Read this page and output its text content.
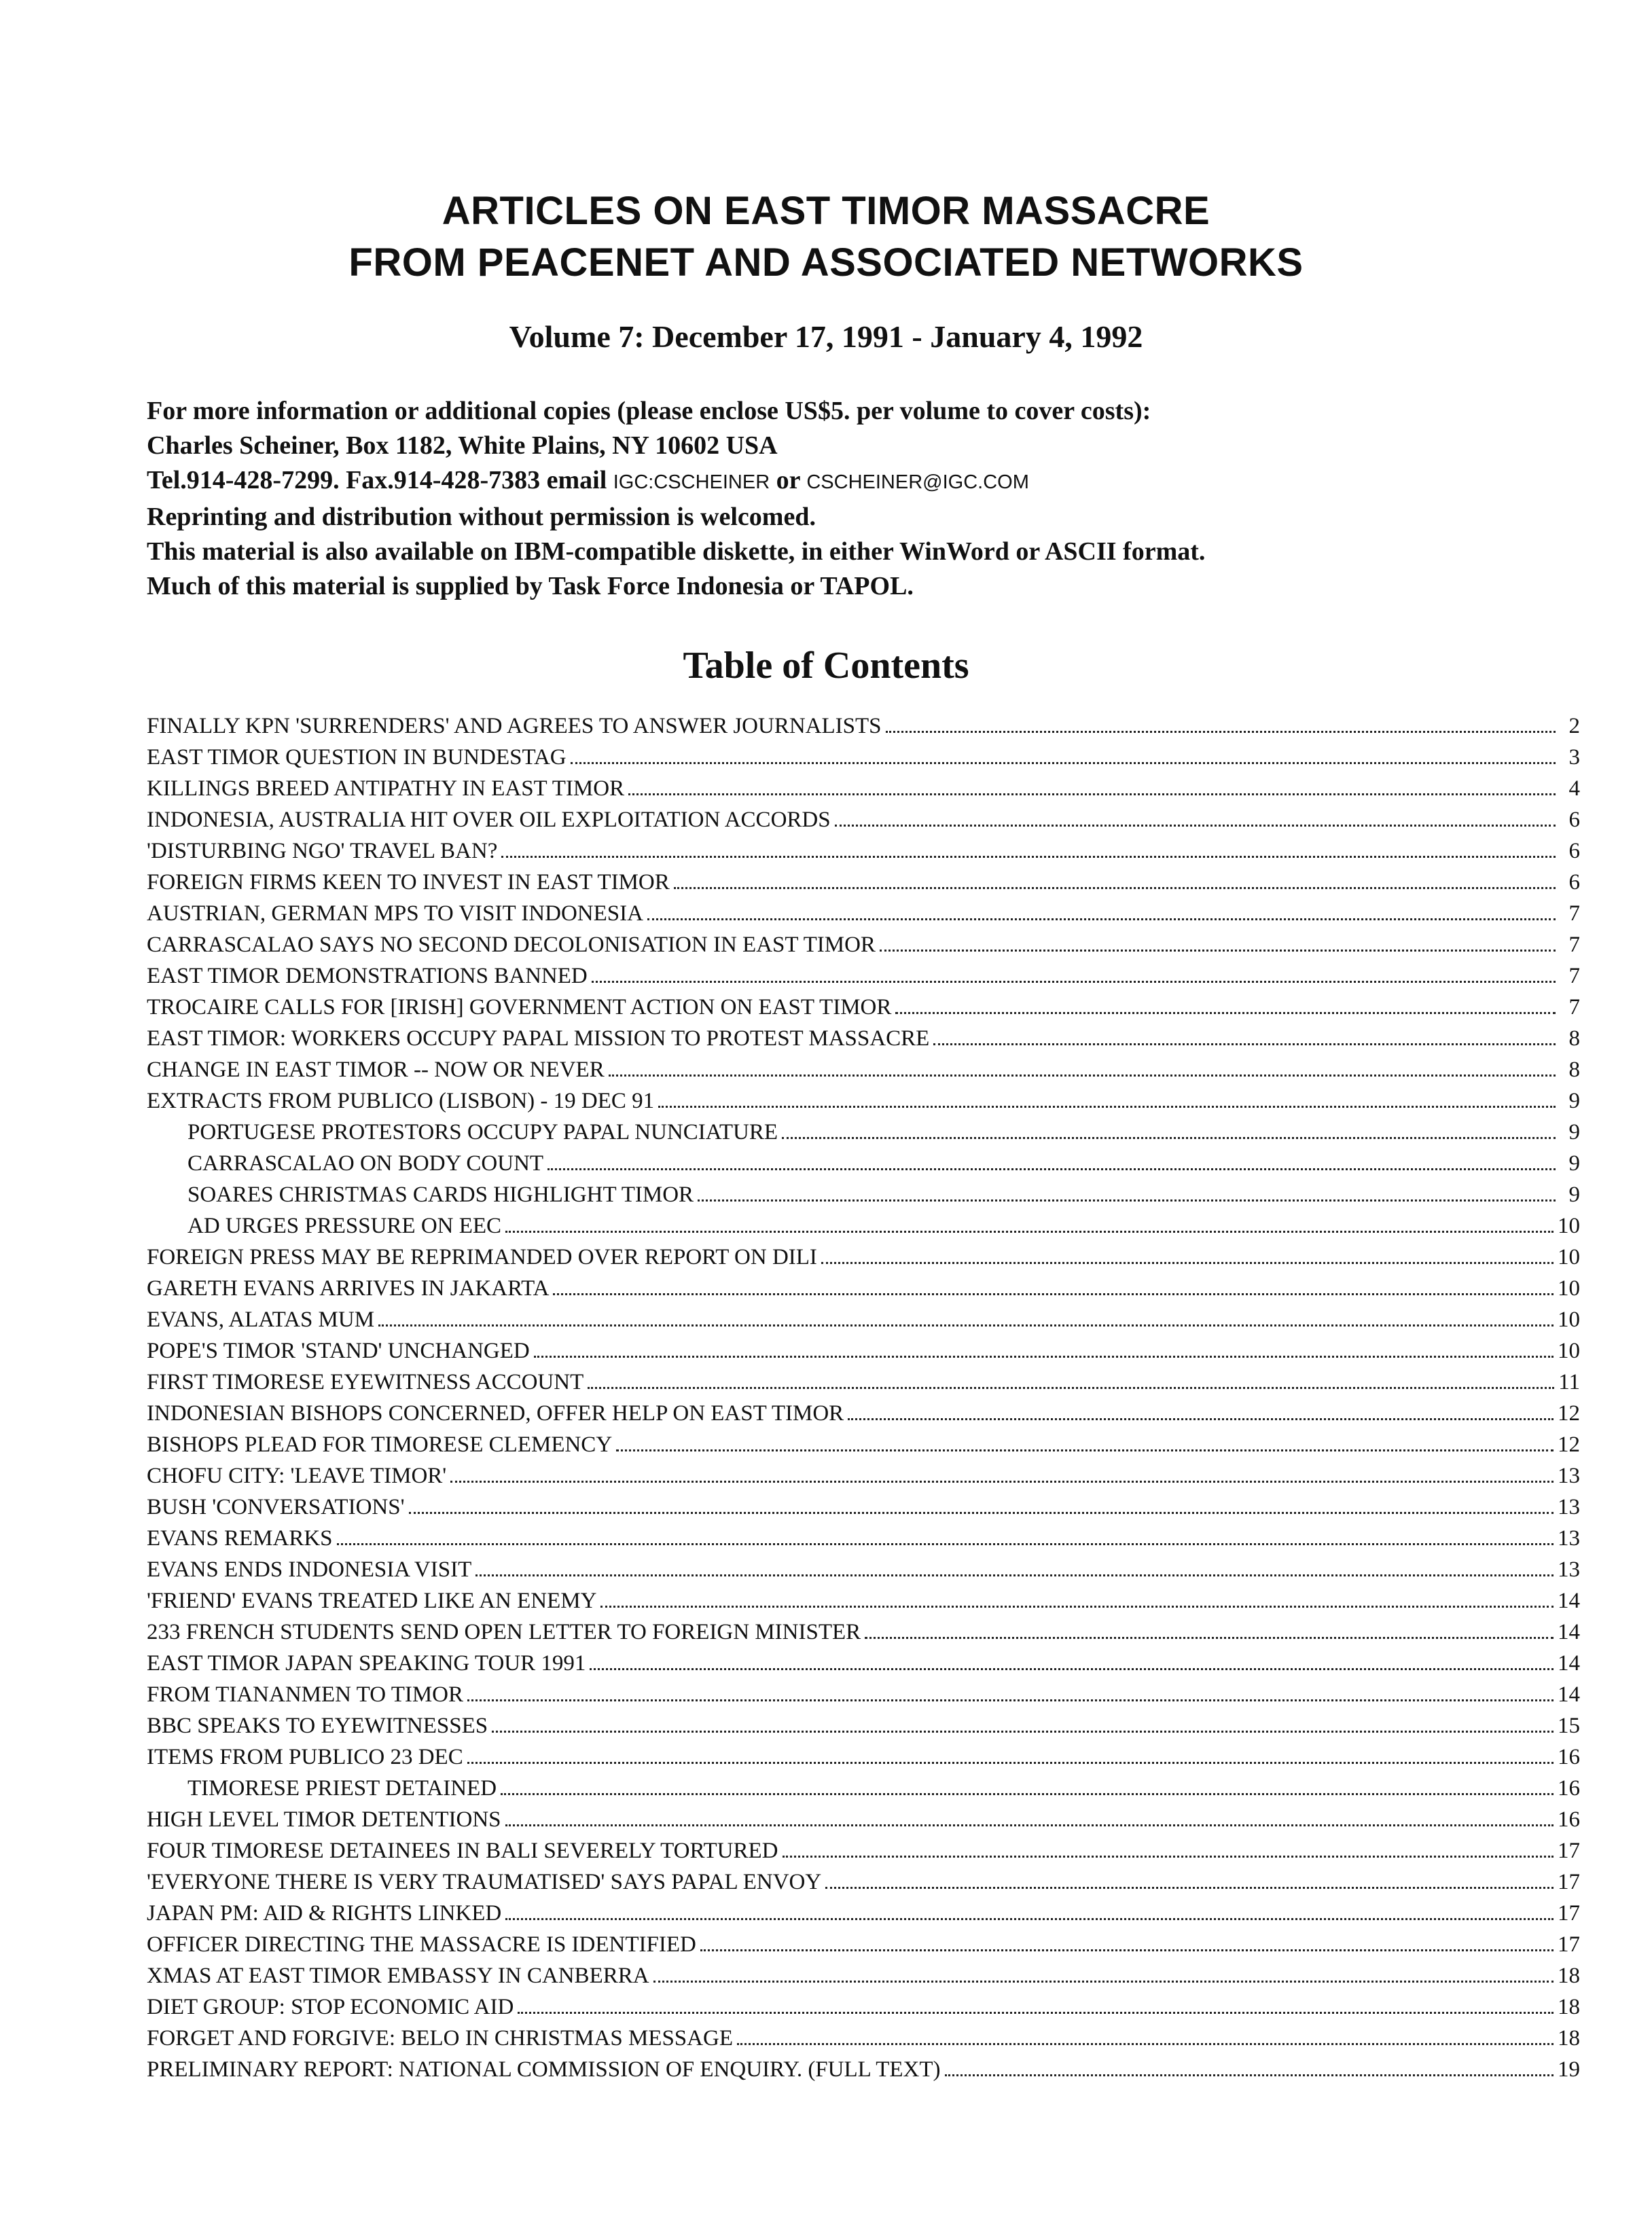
ARTICLES ON EAST TIMOR MASSACRE
FROM PEACENET AND ASSOCIATED NETWORKS
Volume 7: December 17, 1991 - January 4, 1992
For more information or additional copies (please enclose US$5. per volume to cover costs):
Charles Scheiner, Box 1182, White Plains, NY 10602 USA
Tel.914-428-7299. Fax.914-428-7383 email IGC:CSCHEINER or CSCHEINER@IGC.COM
Reprinting and distribution without permission is welcomed.
This material is also available on IBM-compatible diskette, in either WinWord or ASCII format.
Much of this material is supplied by Task Force Indonesia or TAPOL.
Table of Contents
FINALLY KPN 'SURRENDERS' AND AGREES TO ANSWER JOURNALISTS	2
EAST TIMOR QUESTION IN BUNDESTAG	3
KILLINGS BREED ANTIPATHY IN EAST TIMOR	4
INDONESIA, AUSTRALIA HIT OVER OIL EXPLOITATION ACCORDS	6
'DISTURBING NGO' TRAVEL BAN?	6
FOREIGN FIRMS KEEN TO INVEST IN EAST TIMOR	6
AUSTRIAN, GERMAN MPS TO VISIT INDONESIA	7
CARRASCALAO SAYS NO SECOND DECOLONISATION IN EAST TIMOR	7
EAST TIMOR DEMONSTRATIONS BANNED	7
TROCAIRE CALLS FOR [IRISH] GOVERNMENT ACTION ON EAST TIMOR	7
EAST TIMOR: WORKERS OCCUPY PAPAL MISSION TO PROTEST MASSACRE	8
CHANGE IN EAST TIMOR -- NOW OR NEVER	8
EXTRACTS FROM PUBLICO (LISBON) - 19 DEC 91	9
PORTUGESE PROTESTORS OCCUPY PAPAL NUNCIATURE	9
CARRASCALAO ON BODY COUNT	9
SOARES CHRISTMAS CARDS HIGHLIGHT TIMOR	9
AD URGES PRESSURE ON EEC	10
FOREIGN PRESS MAY BE REPRIMANDED OVER REPORT ON DILI	10
GARETH EVANS ARRIVES IN JAKARTA	10
EVANS, ALATAS MUM	10
POPE'S TIMOR 'STAND' UNCHANGED	10
FIRST TIMORESE EYEWITNESS ACCOUNT	11
INDONESIAN BISHOPS CONCERNED, OFFER HELP ON EAST TIMOR	12
BISHOPS PLEAD FOR TIMORESE CLEMENCY	12
CHOFU CITY: 'LEAVE TIMOR'	13
BUSH 'CONVERSATIONS'	13
EVANS REMARKS	13
EVANS ENDS INDONESIA VISIT	13
'FRIEND' EVANS TREATED LIKE AN ENEMY	14
233 FRENCH STUDENTS SEND OPEN LETTER TO FOREIGN MINISTER	14
EAST TIMOR JAPAN SPEAKING TOUR 1991	14
FROM TIANANMEN TO TIMOR	14
BBC SPEAKS TO EYEWITNESSES	15
ITEMS FROM PUBLICO 23 DEC	16
TIMORESE PRIEST DETAINED	16
HIGH LEVEL TIMOR DETENTIONS	16
FOUR TIMORESE DETAINEES IN BALI SEVERELY TORTURED	17
'EVERYONE THERE IS VERY TRAUMATISED' SAYS PAPAL ENVOY	17
JAPAN PM: AID & RIGHTS LINKED	17
OFFICER DIRECTING THE MASSACRE IS IDENTIFIED	17
XMAS AT EAST TIMOR EMBASSY IN CANBERRA	18
DIET GROUP: STOP ECONOMIC AID	18
FORGET AND FORGIVE: BELO IN CHRISTMAS MESSAGE	18
PRELIMINARY REPORT: NATIONAL COMMISSION OF ENQUIRY. (FULL TEXT)	19
